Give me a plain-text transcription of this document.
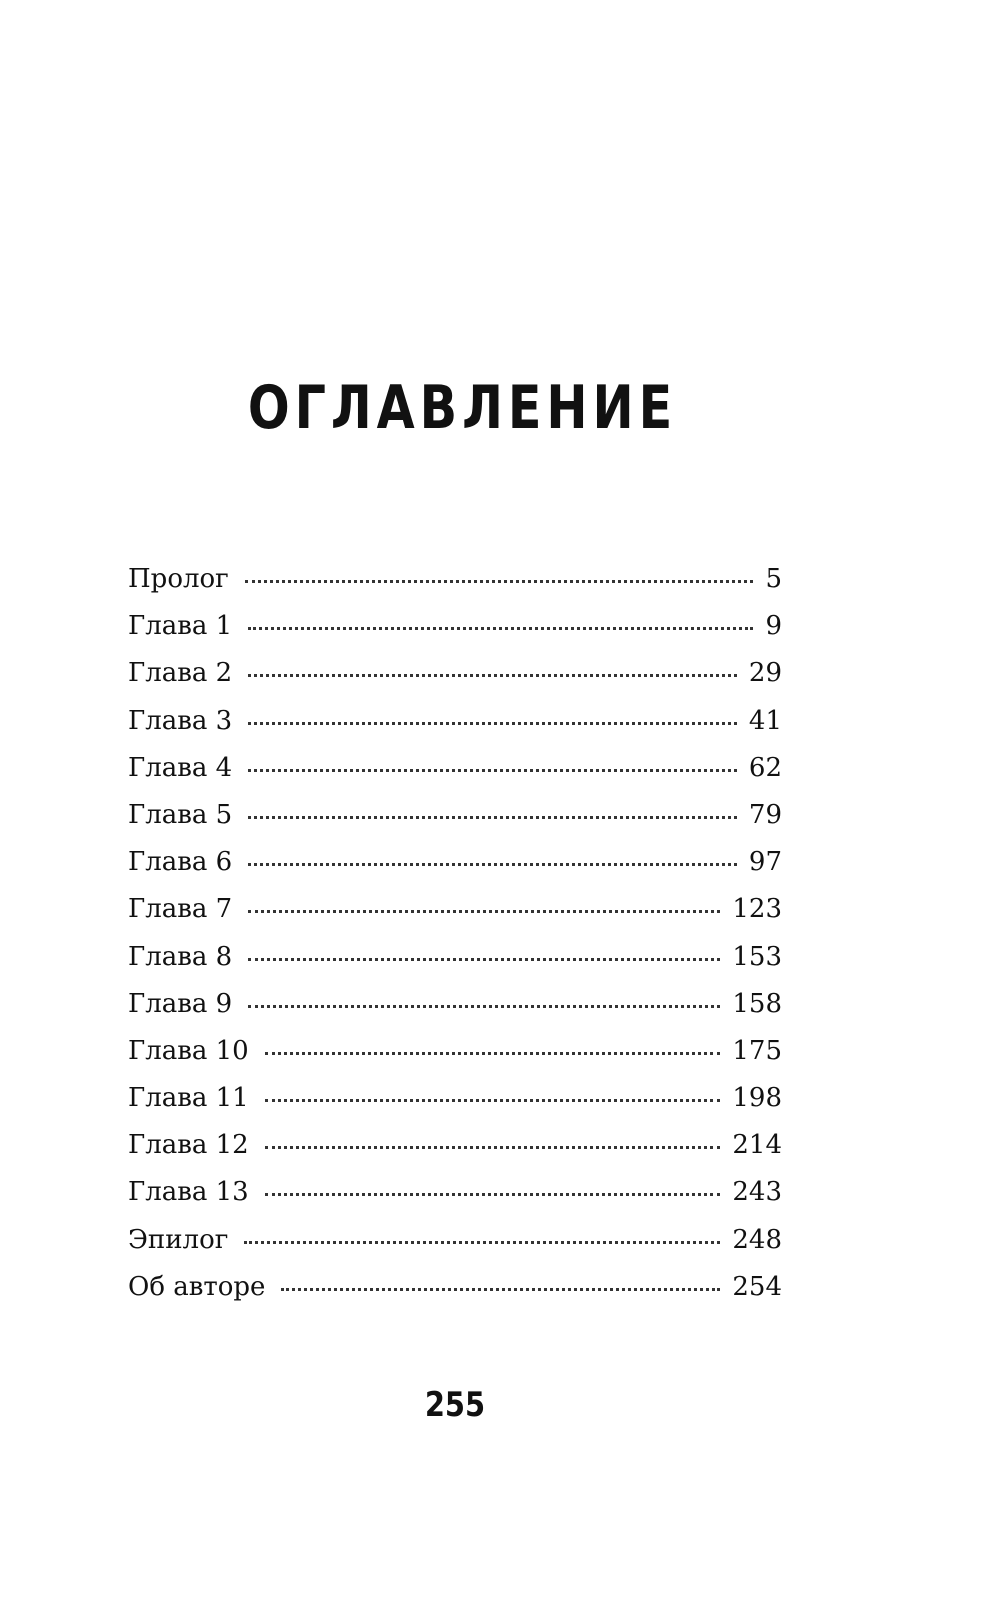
ОГЛАВЛЕНИЕ
Пролог	5
Глава 1	9
Глава 2	29
Глава 3	41
Глава 4	62
Глава 5	79
Глава 6	97
Глава 7	123
Глава 8	153
Глава 9	158
Глава 10	175
Глава 11	198
Глава 12	214
Глава 13	243
Эпилог	248
Об авторе	254
255
